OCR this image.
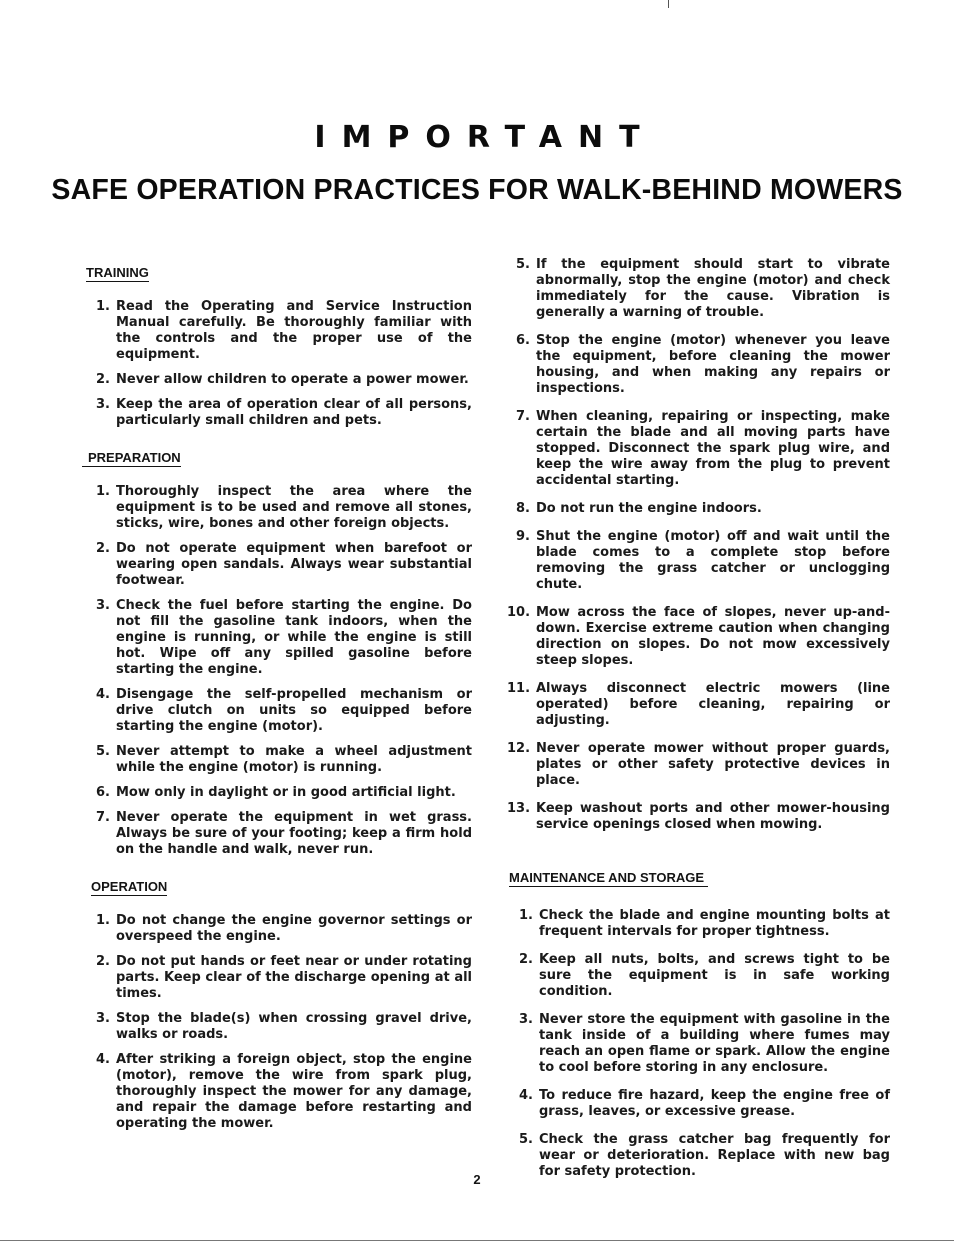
IMPORTANT
SAFE OPERATION PRACTICES FOR WALK-BEHIND MOWERS
TRAINING
1. Read the Operating and Service Instruction Manual carefully. Be thoroughly familiar with the controls and the proper use of the equipment.
2. Never allow children to operate a power mower.
3. Keep the area of operation clear of all persons, particularly small children and pets.
PREPARATION
1. Thoroughly inspect the area where the equipment is to be used and remove all stones, sticks, wire, bones and other foreign objects.
2. Do not operate equipment when barefoot or wearing open sandals. Always wear substantial footwear.
3. Check the fuel before starting the engine. Do not fill the gasoline tank indoors, when the engine is running, or while the engine is still hot. Wipe off any spilled gasoline before starting the engine.
4. Disengage the self-propelled mechanism or drive clutch on units so equipped before starting the engine (motor).
5. Never attempt to make a wheel adjustment while the engine (motor) is running.
6. Mow only in daylight or in good artificial light.
7. Never operate the equipment in wet grass. Always be sure of your footing; keep a firm hold on the handle and walk, never run.
OPERATION
1. Do not change the engine governor settings or overspeed the engine.
2. Do not put hands or feet near or under rotating parts. Keep clear of the discharge opening at all times.
3. Stop the blade(s) when crossing gravel drive, walks or roads.
4. After striking a foreign object, stop the engine (motor), remove the wire from spark plug, thoroughly inspect the mower for any damage, and repair the damage before restarting and operating the mower.
5. If the equipment should start to vibrate abnormally, stop the engine (motor) and check immediately for the cause. Vibration is generally a warning of trouble.
6. Stop the engine (motor) whenever you leave the equipment, before cleaning the mower housing, and when making any repairs or inspections.
7. When cleaning, repairing or inspecting, make certain the blade and all moving parts have stopped. Disconnect the spark plug wire, and keep the wire away from the plug to prevent accidental starting.
8. Do not run the engine indoors.
9. Shut the engine (motor) off and wait until the blade comes to a complete stop before removing the grass catcher or unclogging chute.
10. Mow across the face of slopes, never up-and-down. Exercise extreme caution when changing direction on slopes. Do not mow excessively steep slopes.
11. Always disconnect electric mowers (line operated) before cleaning, repairing or adjusting.
12. Never operate mower without proper guards, plates or other safety protective devices in place.
13. Keep washout ports and other mower-housing service openings closed when mowing.
MAINTENANCE AND STORAGE
1. Check the blade and engine mounting bolts at frequent intervals for proper tightness.
2. Keep all nuts, bolts, and screws tight to be sure the equipment is in safe working condition.
3. Never store the equipment with gasoline in the tank inside of a building where fumes may reach an open flame or spark. Allow the engine to cool before storing in any enclosure.
4. To reduce fire hazard, keep the engine free of grass, leaves, or excessive grease.
5. Check the grass catcher bag frequently for wear or deterioration. Replace with new bag for safety protection.
2
